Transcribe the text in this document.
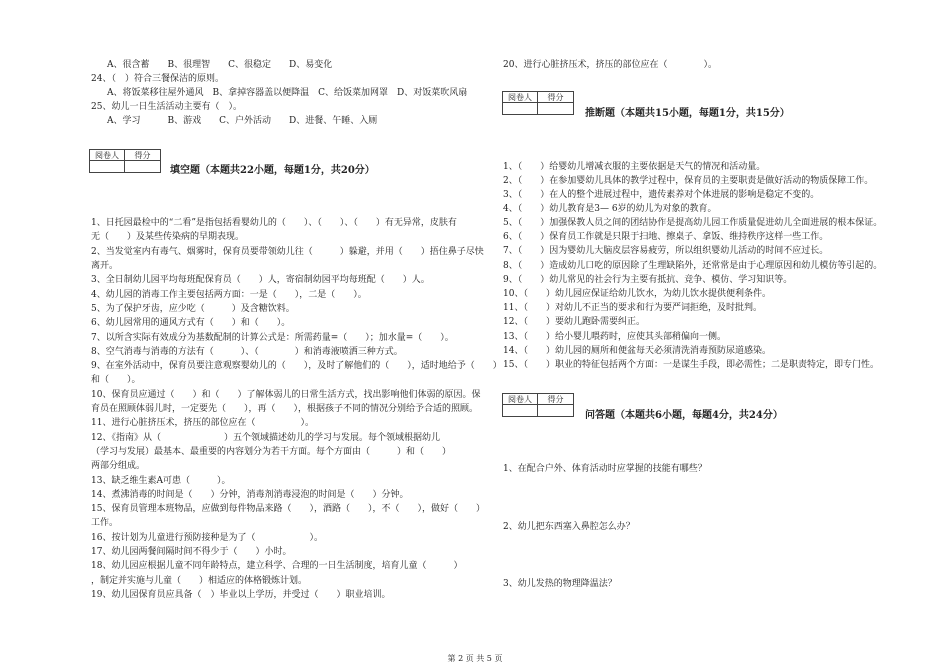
A、很含蓄　　B、很理智　　C、很稳定　　D、易变化
24、（　）符合三餐保洁的原则。
A、将饭菜移往屋外通风　B、拿掉容器盖以便降温　C、给饭菜加网罩　D、对饭菜吹风扇
25、幼儿一日生活活动主要有（　）。
A、学习　　　B、游戏　　C、户外活动　　D、进餐、午睡、入厕
阅卷人	得分
填空题（本题共22小题，每题1分，共20分）
1、日托园最检中的“二看”是指包括看婴幼儿的（　　）、（　　）、（　　）有无异常，皮肤有
无（　　）及某些传染病的早期表现。
2、当发觉室内有毒气、烟雾时，保育员要带领幼儿往（　　　）躲避，并用（　　）捂住鼻子尽快
离开。
3、全日制幼儿园平均每班配保育员（　　）人，寄宿制幼园平均每班配（　　）人。
4、幼儿园的消毒工作主要包括两方面：一是（　　），二是（　　）。
5、为了保护牙齿，应少吃（　　　）及含糖饮料。
6、幼儿园常用的通风方式有（　　）和（　　）。
7、以所含实际有效成分为基数配制的计算公式是：所需药量=（　　）；加水量=（　　）。
8、空气消毒与消毒的方法有（　　　）、（　　　　）和消毒液喷洒三种方式。
9、在室外活动中，保育员要注意观察婴幼儿的（　　），及时了解他们的（　　），适时地给予（　　）
和（　　）。
10、保育员应通过（　　）和（　　）了解体弱儿的日常生活方式，找出影响他们体弱的原因。保
育员在照顾体弱儿时，一定要先（　　），再（　　），根据孩子不同的情况分别给予合适的照顾。
11、进行心脏挤压术，挤压的部位应在（　　　　　）。
12、《指南》从（　　　　　　　）五个领域描述幼儿的学习与发展。每个领域根据幼儿
（学习与发展）最基本、最重要的内容划分为若干方面。每个方面由（　　　）和（　　）
两部分组成。
13、缺乏维生素A可患（　　　）。
14、煮沸消毒的时间是（　　）分钟，消毒剂消毒浸泡的时间是（　　）分钟。
15、保育员管理本班物品，应做到每件物品来路（　　），酒路（　　），不（　　），做好（　　）
工作。
16、按计划为儿童进行预防接种是为了（　　　　　　）。
17、幼儿园两餐间隔时间不得少于（　　）小时。
18、幼儿园应根据儿童不同年龄特点，建立科学、合理的一日生活制度，培育儿童（　　　）
，制定并实施与儿童（　　）相适应的体格锻炼计划。
19、幼儿园保育员应具备（　）毕业以上学历，并受过（　　）职业培训。
20、进行心脏挤压术，挤压的部位应在（　　　　）。
阅卷人	得分
推断题（本题共15小题，每题1分，共15分）
1、（　　）给婴幼儿增减衣服的主要依据是天气的情况和活动量。
2、（　　）在参加婴幼儿具体的教学过程中，保育员的主要职责是做好活动的物质保障工作。
3、（　　）在人的整个进展过程中，遗传素养对个体进展的影响是稳定不变的。
4、（　　）幼儿教育是3— 6岁的幼儿为对象的教育。
5、（　　）加强保教人员之间的团结协作是提高幼儿园工作质量促进幼儿全面进展的根本保证。
6、（　　）保育员工作就是只限于扫地、擦桌子、拿饭、维持秩序这样一些工作。
7、（　　）因为婴幼儿大脑皮层容易疲劳，所以组织婴幼儿活动的时间不应过长。
8、（　　）造成幼儿口吃的原因除了生理缺陷外，还常常是由于心理原因和幼儿模仿等引起的。
9、（　　）幼儿常见的社会行为主要有抵抗、竞争、模仿、学习知识等。
10、（　　）幼儿园应保证给幼儿饮水，为幼儿饮水提供便利条件。
11、（　　）对幼儿不正当的要求和行为要严词拒绝，及时批判。
12、（　　）要幼儿跑卧需要纠正。
13、（　　）给小婴儿喂药时，应使其头部稍偏向一侧。
14、（　　）幼儿园的厕所和便盆每天必须清洗消毒预防尿道感染。
15、（　　）职业的特征包括两个方面：一是谋生手段，即必需性；二是职责特定，即专门性。
阅卷人	得分
问答题（本题共6小题，每题4分，共24分）
1、在配合户外、体育活动时应掌握的技能有哪些？
2、幼儿把东西塞入鼻腔怎么办？
3、幼儿发热的物理降温法？
第 2 页 共 5 页
